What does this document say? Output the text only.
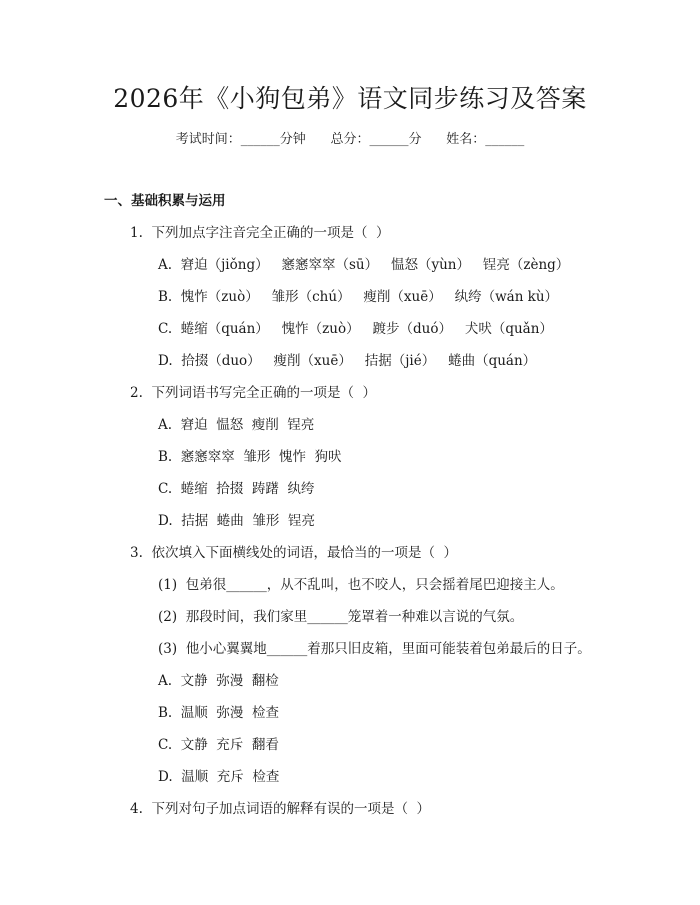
2026年《小狗包弟》语文同步练习及答案
考试时间：______分钟      总分：______分      姓名：______
一、基础积累与运用
1.  下列加点字注音完全正确的一项是（  ）
A.  窘迫（jiǒng）   窸窸窣窣（sū）   愠怒（yùn）   锃亮（zèng）
B.  愧怍（zuò）   雏形（chú）   瘦削（xuē）   纨绔（wán kù）
C.  蜷缩（quán）   愧怍（zuò）   踱步（duó）   犬吠（quǎn）
D.  拾掇（duo）   瘦削（xuē）   拮据（jié）   蜷曲（quán）
2.  下列词语书写完全正确的一项是（  ）
A.  窘迫  愠怒  瘦削  锃亮
B.  窸窸窣窣  雏形  愧怍  狗吠
C.  蜷缩  拾掇  踌躇  纨绔
D.  拮据  蜷曲  雏形  锃亮
3.  依次填入下面横线处的词语，最恰当的一项是（  ）
(1)  包弟很______，从不乱叫，也不咬人，只会摇着尾巴迎接主人。
(2)  那段时间，我们家里______笼罩着一种难以言说的气氛。
(3)  他小心翼翼地______着那只旧皮箱，里面可能装着包弟最后的日子。
A.  文静  弥漫  翻检
B.  温顺  弥漫  检查
C.  文静  充斥  翻看
D.  温顺  充斥  检查
4.  下列对句子加点词语的解释有误的一项是（  ）
